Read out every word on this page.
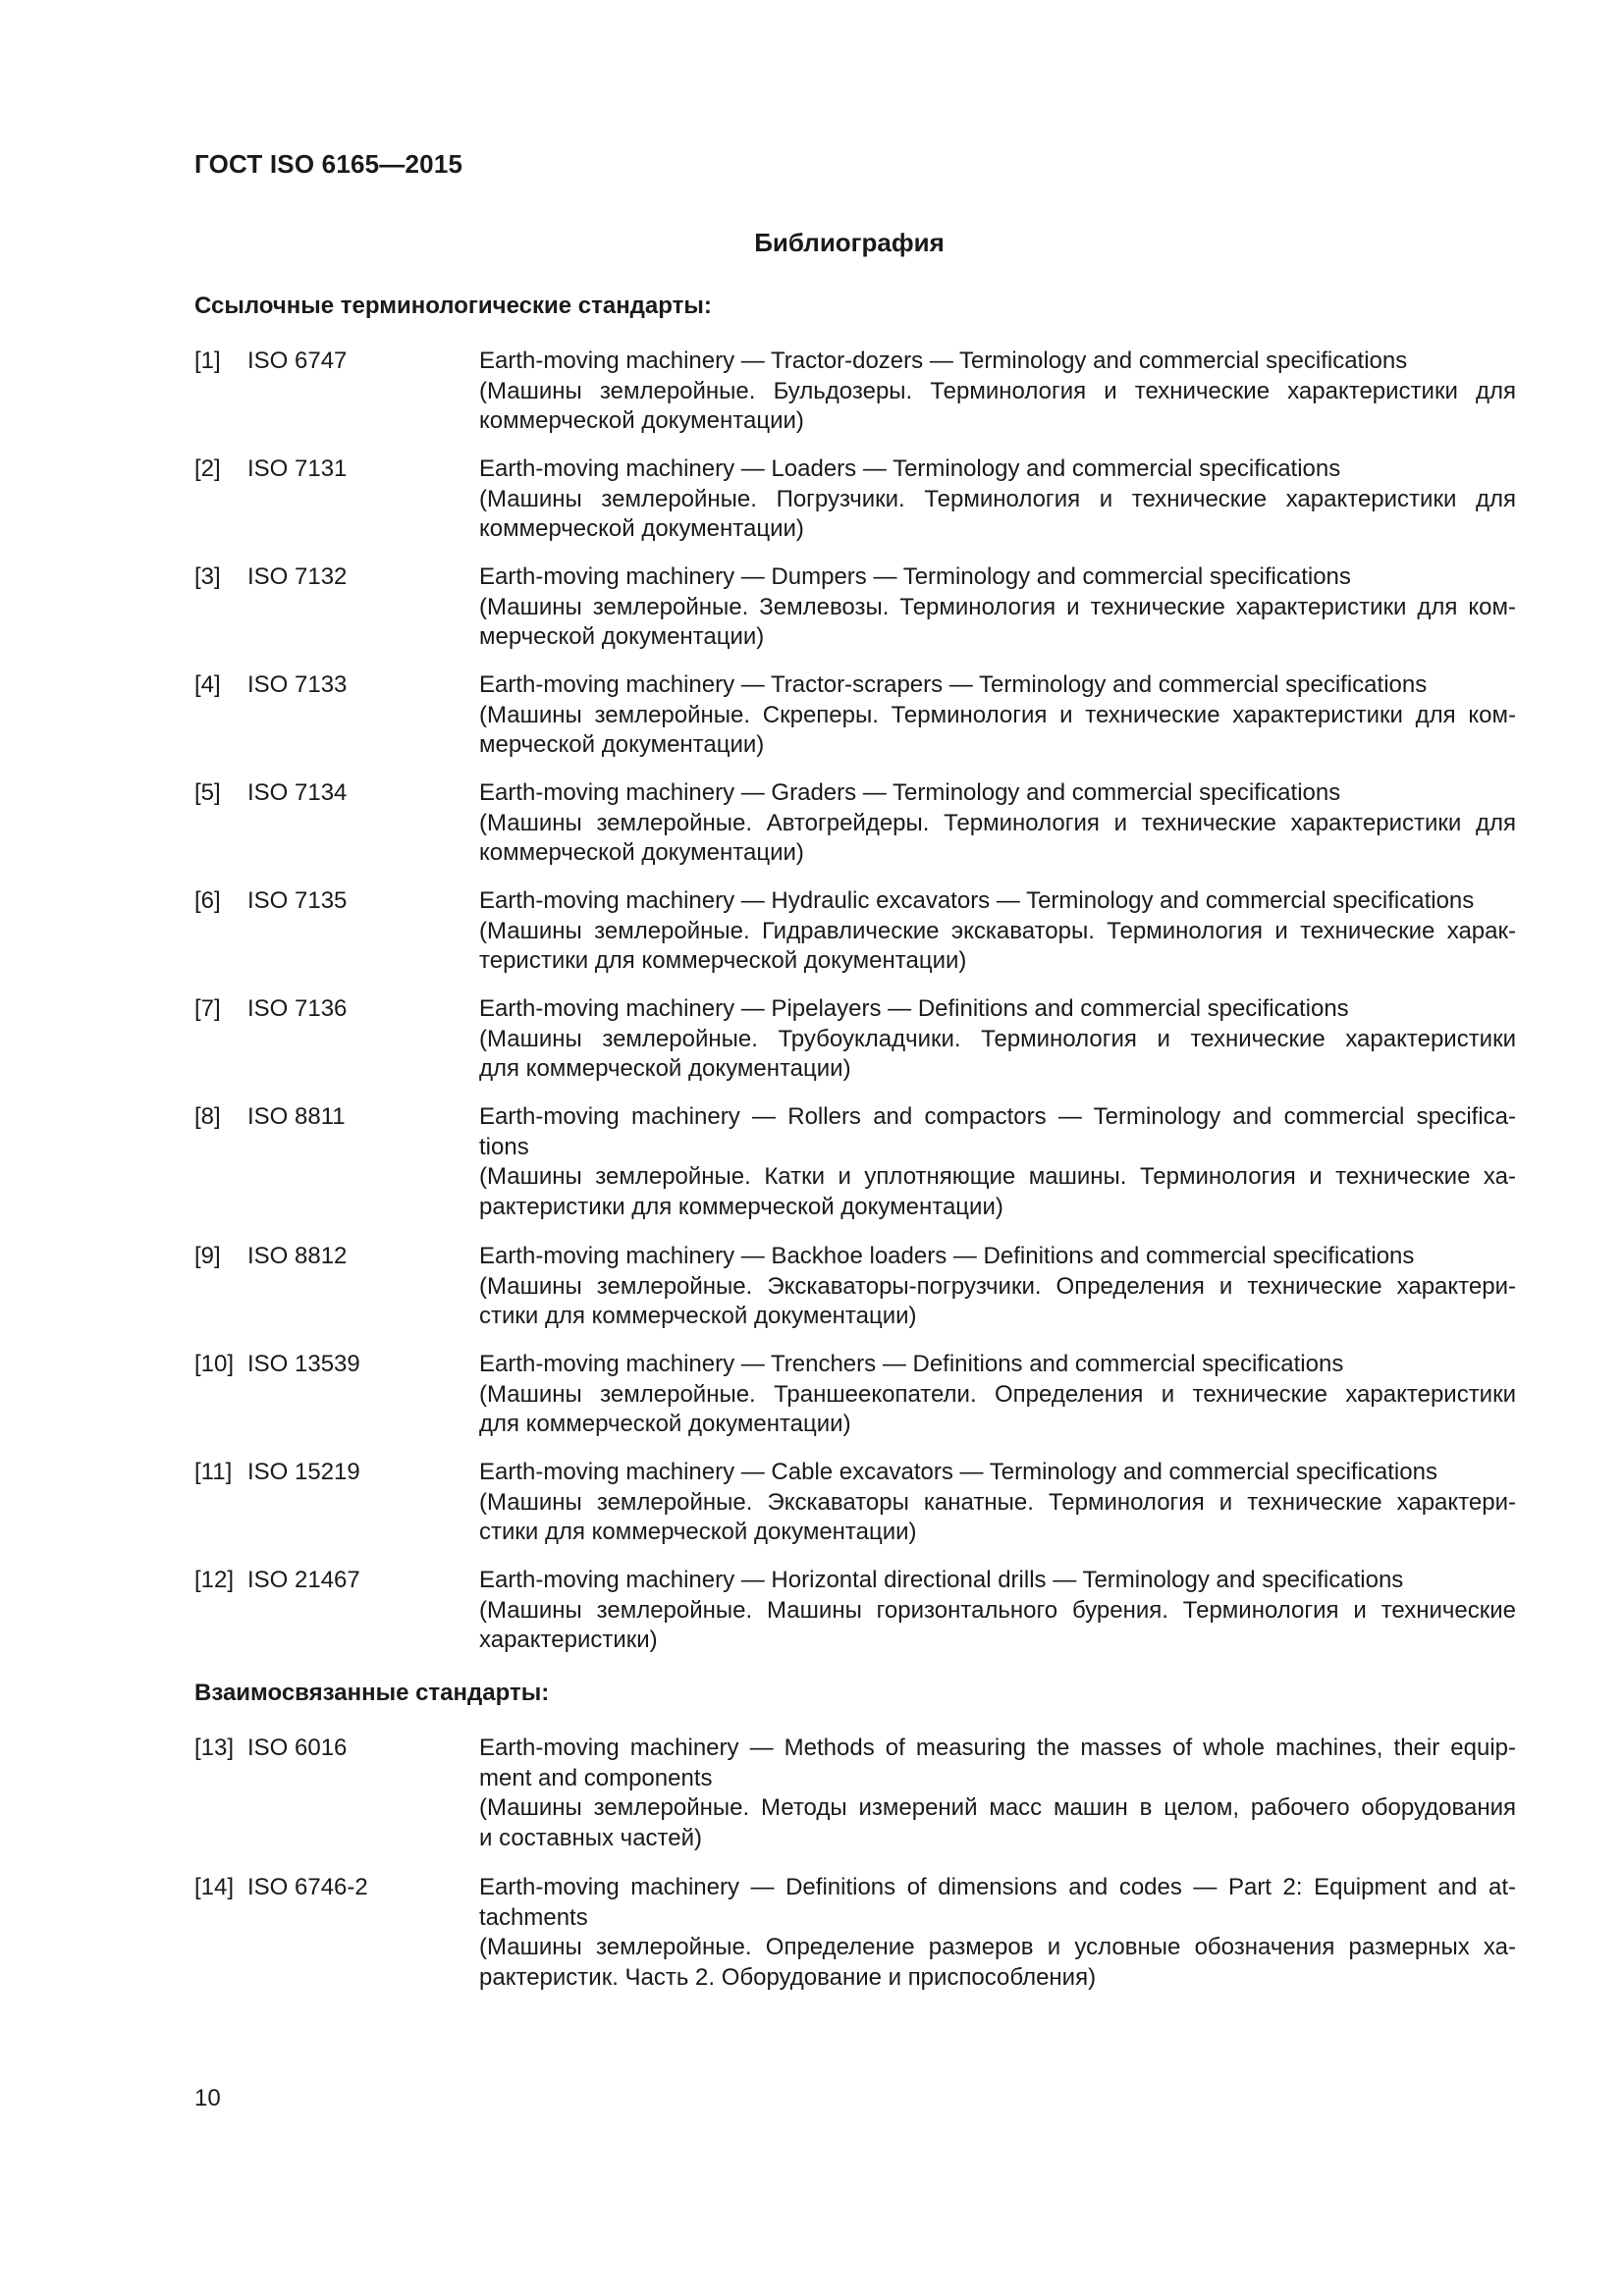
ГОСТ ISO 6165—2015
Библиография
Ссылочные терминологические стандарты:
Взаимосвязанные стандарты:
[1] ISO 6747	Earth-moving machinery — Tractor-dozers — Terminology and commercial specifications
(Машины землеройные. Бульдозеры. Терминология и технические характеристики для
коммерческой документации)
[2] ISO 7131	Earth-moving machinery — Loaders — Terminology and commercial specifications
(Машины землеройные. Погрузчики. Терминология и технические характеристики для
коммерческой документации)
[3] ISO 7132	Earth-moving machinery — Dumpers — Terminology and commercial specifications
(Машины землеройные. Землевозы. Терминология и технические характеристики для ком-
мерческой документации)
[4] ISO 7133	Earth-moving machinery — Tractor-scrapers — Terminology and commercial specifications
(Машины землеройные. Скреперы. Терминология и технические характеристики для ком-
мерческой документации)
[5] ISO 7134	Earth-moving machinery — Graders — Terminology and commercial specifications
(Машины землеройные. Автогрейдеры. Терминология и технические характеристики для
коммерческой документации)
[6] ISO 7135	Earth-moving machinery — Hydraulic excavators — Terminology and commercial specifications
(Машины землеройные. Гидравлические экскаваторы. Терминология и технические харак-
теристики для коммерческой документации)
[7] ISO 7136	Earth-moving machinery — Pipelayers — Definitions and commercial specifications
(Машины землеройные. Трубоукладчики. Терминология и технические характеристики
для коммерческой документации)
[8] ISO 8811	Earth-moving machinery — Rollers and compactors — Terminology and commercial specifica-
tions
(Машины землеройные. Катки и уплотняющие машины. Терминология и технические ха-
рактеристики для коммерческой документации)
[9] ISO 8812	Earth-moving machinery — Backhoe loaders — Definitions and commercial specifications
(Машины землеройные. Экскаваторы-погрузчики. Определения и технические характери-
стики для коммерческой документации)
[10] ISO 13539	Earth-moving machinery — Trenchers — Definitions and commercial specifications
(Машины землеройные. Траншеекопатели. Определения и технические характеристики
для коммерческой документации)
[11] ISO 15219	Earth-moving machinery — Cable excavators — Terminology and commercial specifications
(Машины землеройные. Экскаваторы канатные. Терминология и технические характери-
стики для коммерческой документации)
[12] ISO 21467	Earth-moving machinery — Horizontal directional drills — Terminology and specifications
(Машины землеройные. Машины горизонтального бурения. Терминология и технические
характеристики)
[13] ISO 6016	Earth-moving machinery — Methods of measuring the masses of whole machines, their equip-
ment and components
(Машины землеройные. Методы измерений масс машин в целом, рабочего оборудования
и составных частей)
[14] ISO 6746-2	Earth-moving machinery — Definitions of dimensions and codes — Part 2: Equipment and at-
tachments
(Машины землеройные. Определение размеров и условные обозначения размерных ха-
рактеристик. Часть 2. Оборудование и приспособления)
10
